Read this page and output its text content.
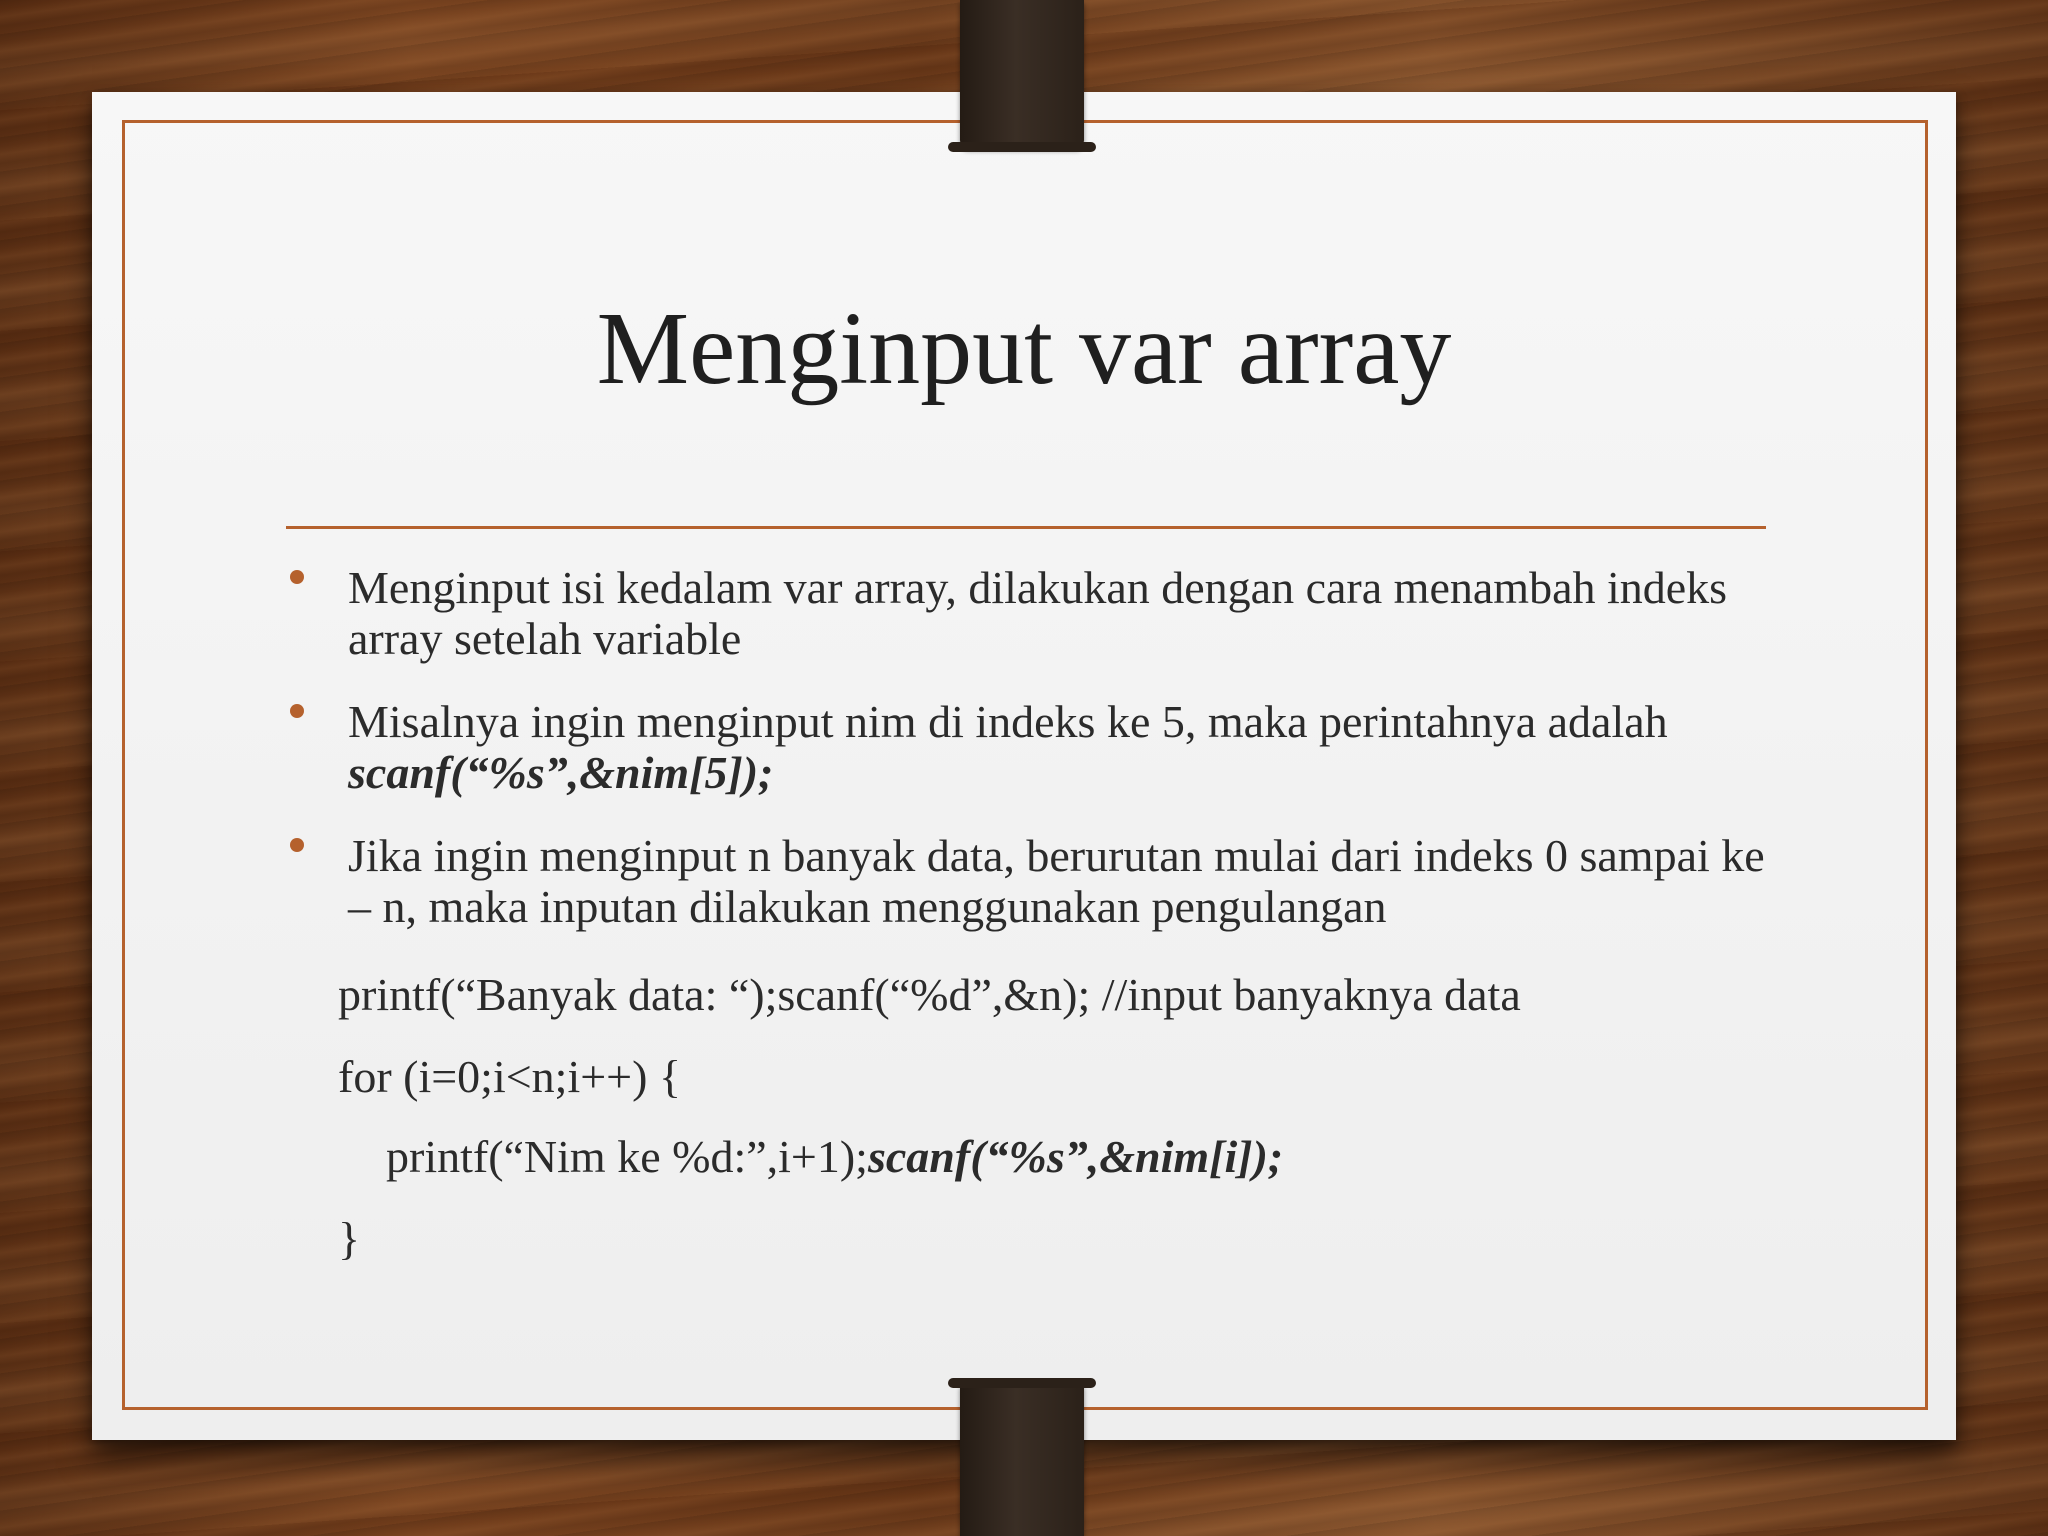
Menginput var array
Menginput isi kedalam var array, dilakukan dengan cara menambah indeks array setelah variable
Misalnya ingin menginput nim di indeks ke 5, maka perintahnya adalah scanf(“%s”,&nim[5]);
Jika ingin menginput n banyak data, berurutan mulai dari indeks 0 sampai ke – n, maka inputan dilakukan menggunakan pengulangan
printf(“Banyak data: “);scanf(“%d”,&n); //input banyaknya data
for (i=0;i<n;i++) {
printf(“Nim ke %d:”,i+1);scanf(“%s”,&nim[i]);
}
